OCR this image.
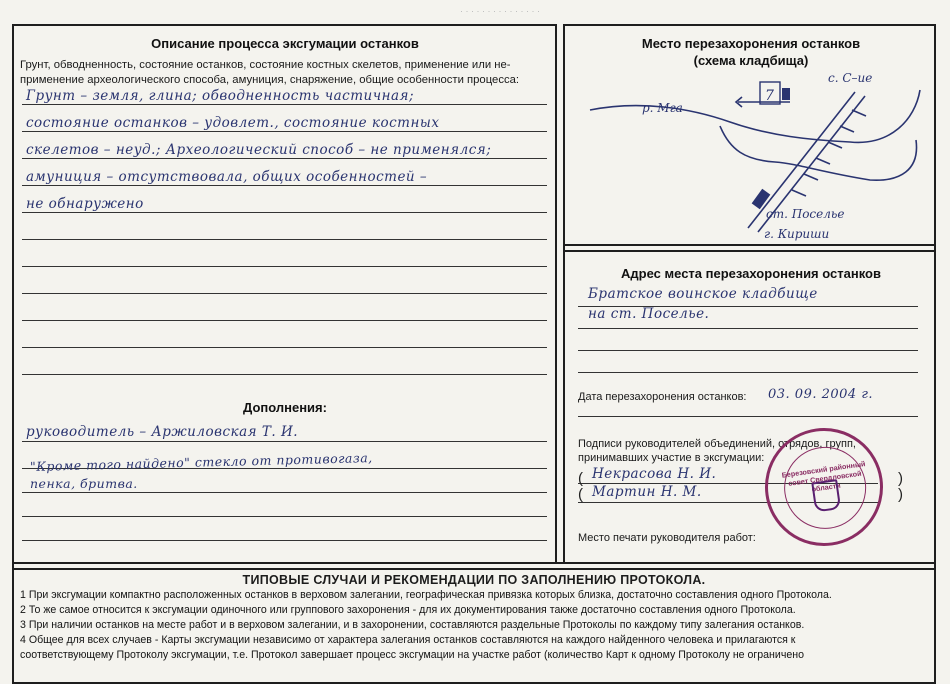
· · · · · · · · · · · · · · ·
Описание процесса эксгумации останков
Грунт, обводненность, состояние останков, состояние костных скелетов, применение или не-
применение археологического способа, амуниция, снаряжение, общие особенности процесса:
Грунт – земля, глина; обводненность частичная;
состояние останков – удовлет., состояние костных
скелетов – неуд.; Археологический способ – не применялся;
амуниция – отсутствовала, общих особенностей –
не обнаружено
Дополнения:
руководитель – Аржиловская Т. И.
"Кроме того найдено" стекло от противогаза,
пенка, бритва.
Место перезахоронения останков
(схема кладбища)
7
с. С–ие
р. Мга
ст. Поселье
г. Кириши
Адрес места перезахоронения останков
Братское воинское кладбище
на ст. Поселье.
Дата перезахоронения останков: 03. 09. 2004 г.
Подписи руководителей объединений, отрядов, групп,
принимавших участие в эксгумации:
Некрасова Н. И.
Мартин Н. М.
(
(
)
)
Место печати руководителя работ:
Березовский районный совет Свердловской области
ТИПОВЫЕ СЛУЧАИ И РЕКОМЕНДАЦИИ ПО ЗАПОЛНЕНИЮ ПРОТОКОЛА.
1 При эксгумации компактно расположенных останков в верховом залегании, географическая привязка которых близка, достаточно составления одного Протокола.
2 То же самое относится к эксгумации одиночного или группового захоронения - для их документирования также достаточно составления одного Протокола.
3 При наличии останков на месте работ и в верховом залегании, и в захоронении, составляются раздельные Протоколы по каждому типу залегания останков.
4 Общее для всех случаев - Карты эксгумации независимо от характера залегания останков составляются на каждого найденного человека и прилагаются к
соответствующему Протоколу эксгумации, т.е. Протокол завершает процесс эксгумации на участке работ (количество Карт к одному Протоколу не ограничено
